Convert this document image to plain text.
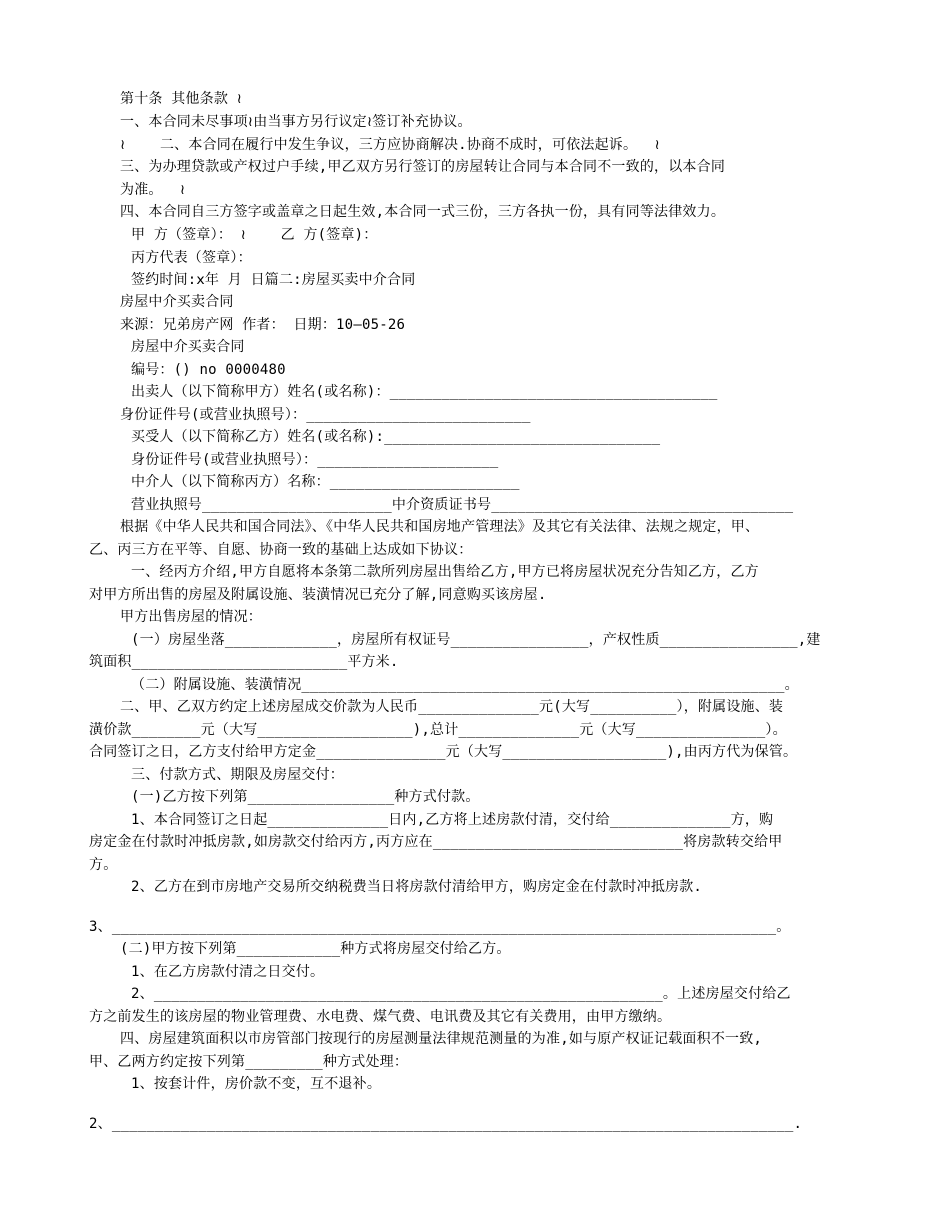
第十条 其他条款 ≀
一、本合同未尽事项≀由当事方另行议定≀签订补充协议。
≀    二、本合同在履行中发生争议，三方应协商解决.协商不成时，可依法起诉。  ≀
三、为办理贷款或产权过户手续,甲乙双方另行签订的房屋转让合同与本合同不一致的，以本合同
为准。  ≀
四、本合同自三方签字或盖章之日起生效,本合同一式三份，三方各执一份，具有同等法律效力。
甲 方（签章）： ≀    乙 方(签章)：
丙方代表（签章）：
签约时间:ⅹ年 月 日篇二:房屋买卖中介合同
房屋中介买卖合同
来源：兄弟房产网 作者： 日期：10—05-26
房屋中介买卖合同
编号：() no 0000480
出卖人（以下简称甲方）姓名(或名称)：______________________________________
身份证件号(或营业执照号）：__________________________
买受人（以下简称乙方）姓名(或名称):________________________________
身份证件号(或营业执照号）：_____________________
中介人（以下简称丙方）名称：______________________
营业执照号______________________中介资质证书号___________________________________
根据《中华人民共和国合同法》、《中华人民共和国房地产管理法》及其它有关法律、法规之规定，甲、
乙、丙三方在平等、自愿、协商一致的基础上达成如下协议：
一、经丙方介绍,甲方自愿将本条第二款所列房屋出售给乙方,甲方已将房屋状况充分告知乙方，乙方
对甲方所出售的房屋及附属设施、装潢情况已充分了解,同意购买该房屋.
甲方出售房屋的情况：
(一）房屋坐落_____________，房屋所有权证号________________，产权性质________________,建
筑面积_________________________平方米.
（二）附属设施、装潢情况________________________________________________________。
二、甲、乙双方约定上述房屋成交价款为人民币______________元(大写__________），附属设施、装
潢价款________元（大写__________________),总计______________元（大写_______________）。
合同签订之日，乙方支付给甲方定金_______________元（大写___________________),由丙方代为保管。
三、付款方式、期限及房屋交付：
(一)乙方按下列第_________________种方式付款。
1、本合同签订之日起______________日内,乙方将上述房款付清，交付给______________方，购
房定金在付款时冲抵房款,如房款交付给丙方,丙方应在_____________________________将房款转交给甲
方。
2、乙方在到市房地产交易所交纳税费当日将房款付清给甲方，购房定金在付款时冲抵房款.
3、_____________________________________________________________________________。
(二)甲方按下列第____________种方式将房屋交付给乙方。
1、在乙方房款付清之日交付。
2、___________________________________________________________。上述房屋交付给乙
方之前发生的该房屋的物业管理费、水电费、煤气费、电讯费及其它有关费用，由甲方缴纳。
四、房屋建筑面积以市房管部门按现行的房屋测量法律规范测量的为准,如与原产权证记载面积不一致,
甲、乙两方约定按下列第_________种方式处理：
1、按套计件，房价款不变，互不退补。
2、_______________________________________________________________________________.
